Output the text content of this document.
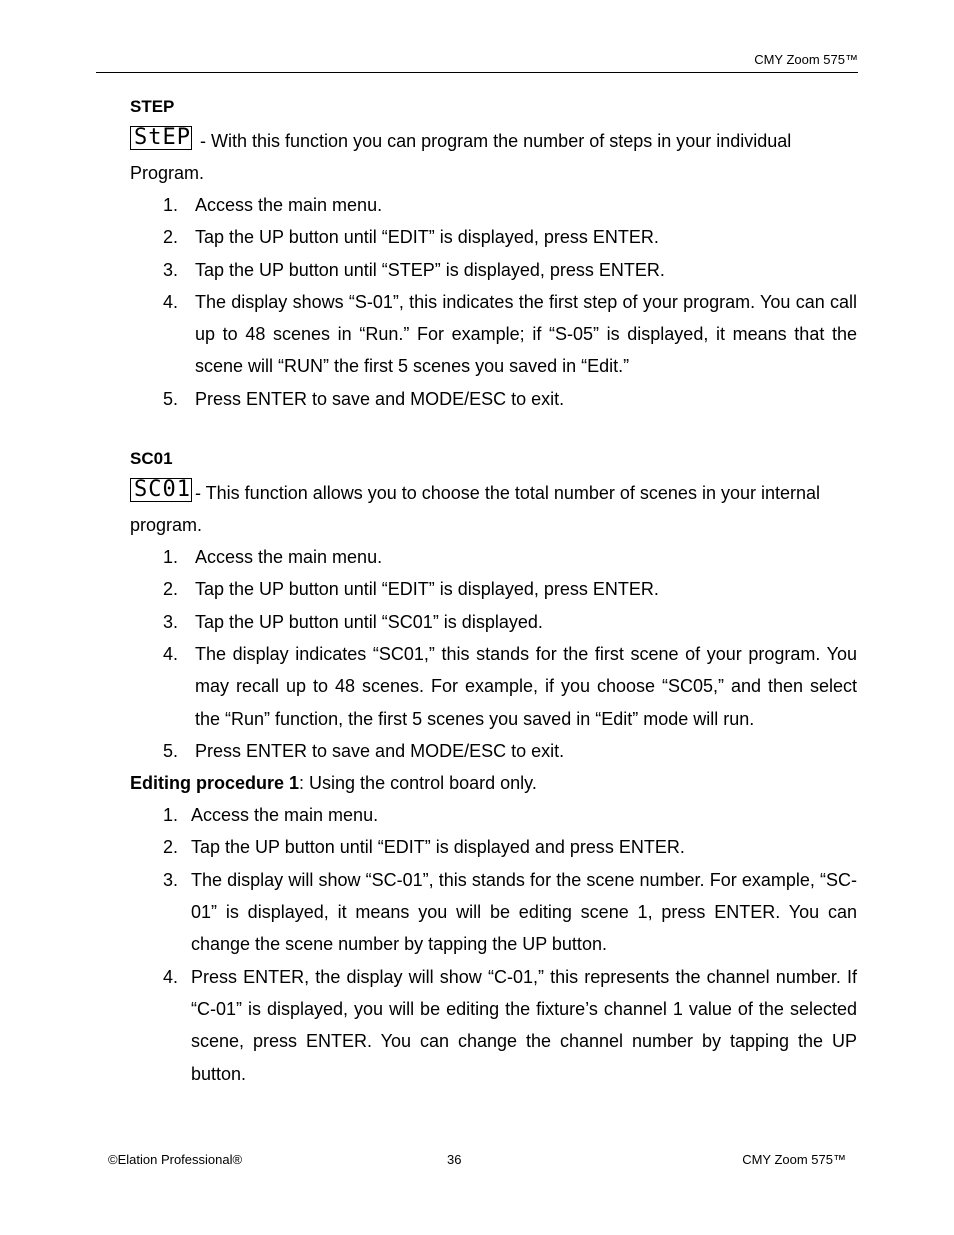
CMY Zoom 575™
STEP
StEP - With this function you can program the number of steps in your individual Program.
1. Access the main menu.
2. Tap the UP button until “EDIT” is displayed, press ENTER.
3. Tap the UP button until “STEP” is displayed, press ENTER.
4. The display shows “S-01”, this indicates the first step of your program. You can call up to 48 scenes in “Run.” For example; if “S-05” is displayed, it means that the scene will “RUN” the first 5 scenes you saved in “Edit.”
5. Press ENTER to save and MODE/ESC to exit.
SC01
SC01 - This function allows you to choose the total number of scenes in your internal program.
1. Access the main menu.
2. Tap the UP button until “EDIT” is displayed, press ENTER.
3. Tap the UP button until “SC01” is displayed.
4. The display indicates “SC01,” this stands for the first scene of your program. You may recall up to 48 scenes. For example, if you choose “SC05,” and then select the “Run” function, the first 5 scenes you saved in “Edit” mode will run.
5. Press ENTER to save and MODE/ESC to exit.
Editing procedure 1: Using the control board only.
1. Access the main menu.
2. Tap the UP button until “EDIT” is displayed and press ENTER.
3. The display will show “SC-01”, this stands for the scene number. For example, “SC-01” is displayed, it means you will be editing scene 1, press ENTER. You can change the scene number by tapping the UP button.
4. Press ENTER, the display will show “C-01,” this represents the channel number. If “C-01” is displayed, you will be editing the fixture’s channel 1 value of the selected scene, press ENTER. You can change the channel number by tapping the UP button.
©Elation Professional®	36	CMY Zoom 575™
